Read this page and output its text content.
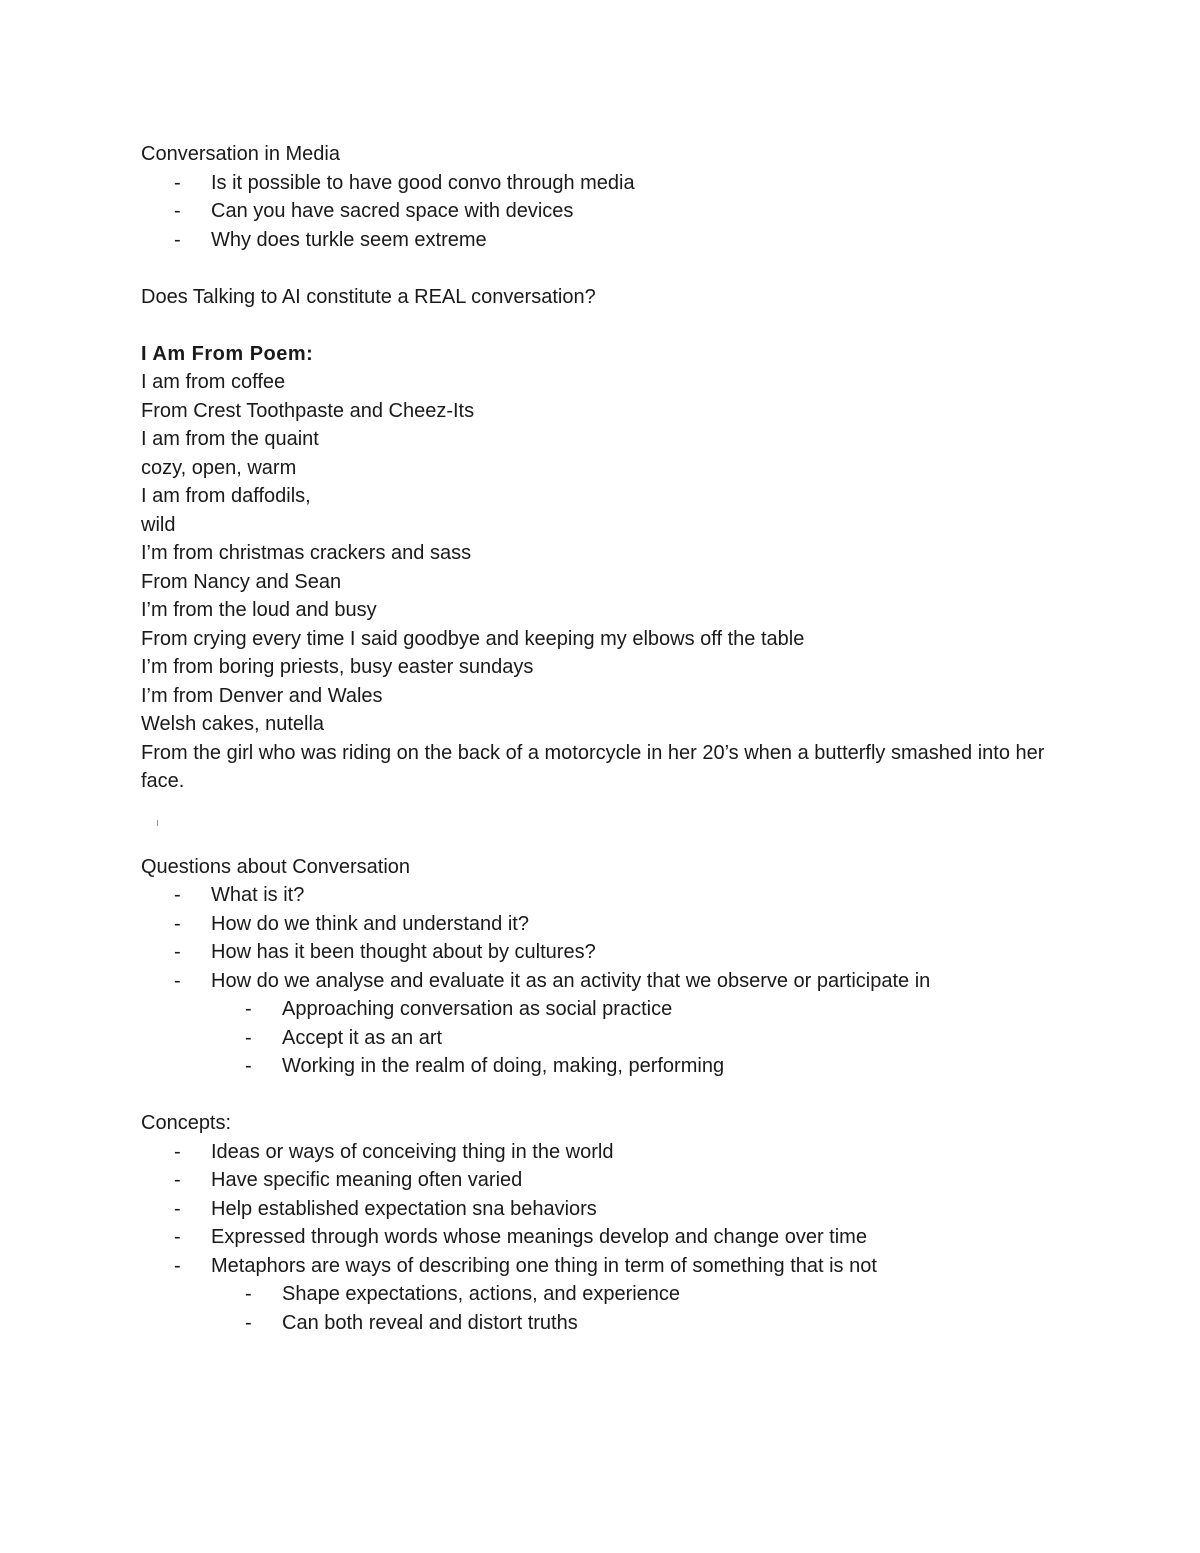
Conversation in Media
- Is it possible to have good convo through media
- Can you have sacred space with devices
- Why does turkle seem extreme
Does Talking to AI constitute a REAL conversation?
I Am From Poem:
I am from coffee
From Crest Toothpaste and Cheez-Its
I am from the quaint
cozy, open, warm
I am from daffodils,
wild
I’m from christmas crackers and sass
From Nancy and Sean
I’m from the loud and busy
From crying every time I said goodbye and keeping my elbows off the table
I’m from boring priests, busy easter sundays
I’m from Denver and Wales
Welsh cakes, nutella
From the girl who was riding on the back of a motorcycle in her 20’s when a butterfly smashed into her face.
Questions about Conversation
- What is it?
- How do we think and understand it?
- How has it been thought about by cultures?
- How do we analyse and evaluate it as an activity that we observe or participate in
- Approaching conversation as social practice
- Accept it as an art
- Working in the realm of doing, making, performing
Concepts:
- Ideas or ways of conceiving thing in the world
- Have specific meaning often varied
- Help established expectation sna behaviors
- Expressed through words whose meanings develop and change over time
- Metaphors are ways of describing one thing in term of something that is not
- Shape expectations, actions, and experience
- Can both reveal and distort truths
